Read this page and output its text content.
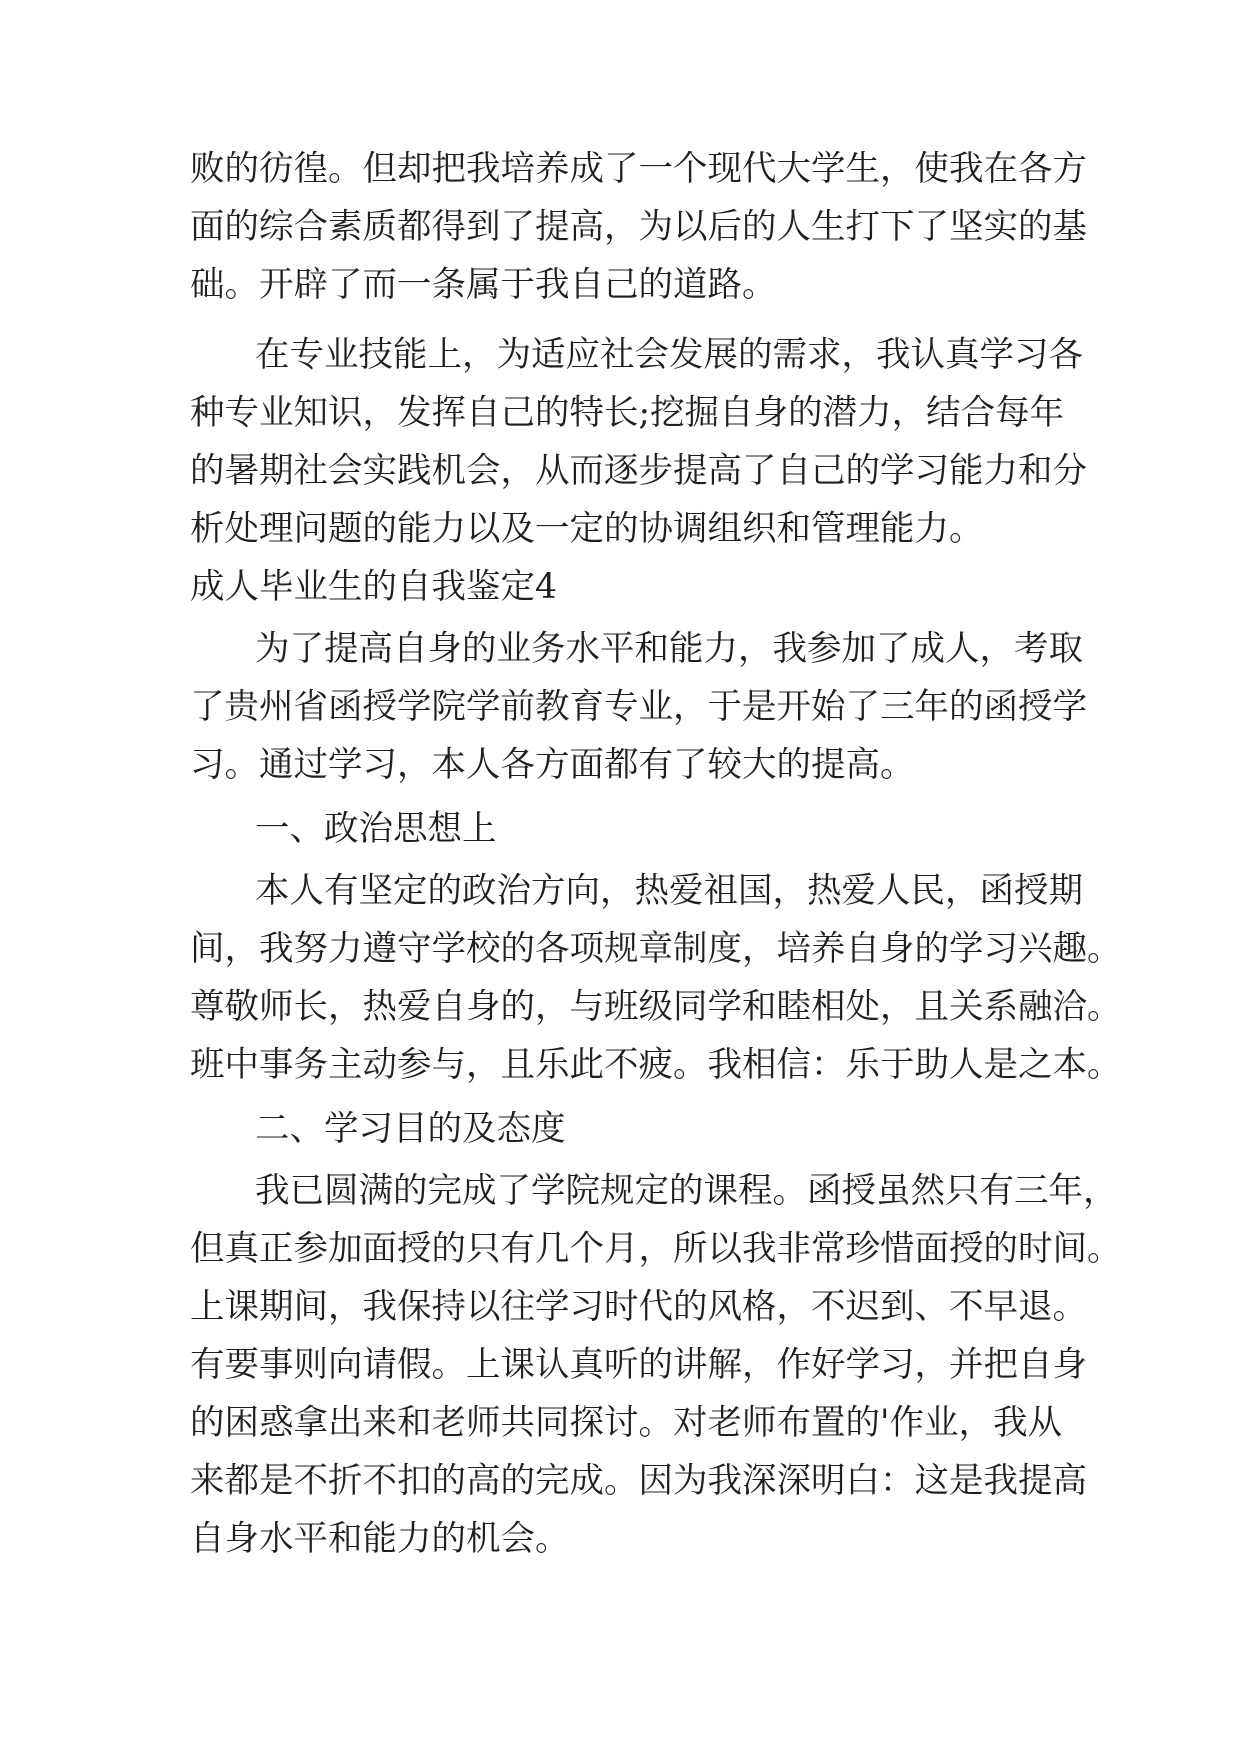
败的彷徨。但却把我培养成了一个现代大学生，使我在各方
面的综合素质都得到了提高，为以后的人生打下了坚实的基
础。开辟了而一条属于我自己的道路。
在专业技能上，为适应社会发展的需求，我认真学习各
种专业知识，发挥自己的特长;挖掘自身的潜力，结合每年
的暑期社会实践机会，从而逐步提高了自己的学习能力和分
析处理问题的能力以及一定的协调组织和管理能力。
成人毕业生的自我鉴定4
为了提高自身的业务水平和能力，我参加了成人，考取
了贵州省函授学院学前教育专业，于是开始了三年的函授学
习。通过学习，本人各方面都有了较大的提高。
一、政治思想上
本人有坚定的政治方向，热爱祖国，热爱人民，函授期
间，我努力遵守学校的各项规章制度，培养自身的学习兴趣。
尊敬师长，热爱自身的，与班级同学和睦相处，且关系融洽。
班中事务主动参与，且乐此不疲。我相信：乐于助人是之本。
二、学习目的及态度
我已圆满的完成了学院规定的课程。函授虽然只有三年，
但真正参加面授的只有几个月，所以我非常珍惜面授的时间。
上课期间，我保持以往学习时代的风格，不迟到、不早退。
有要事则向请假。上课认真听的讲解，作好学习，并把自身
的困惑拿出来和老师共同探讨。对老师布置的'作业，我从
来都是不折不扣的高的完成。因为我深深明白：这是我提高
自身水平和能力的机会。
